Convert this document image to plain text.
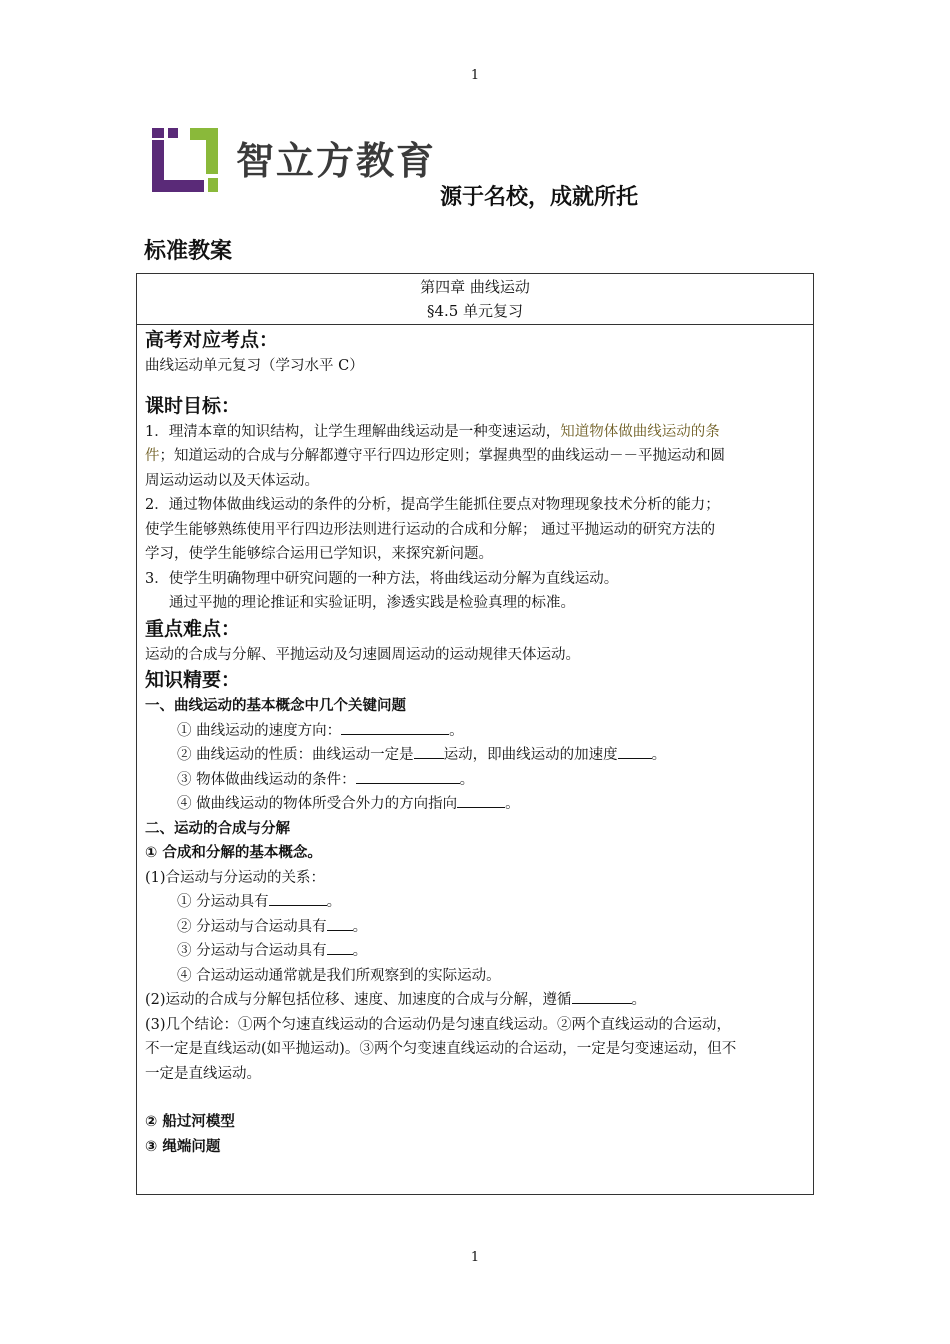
1
智立方教育
源于名校，成就所托
标准教案
第四章 曲线运动
§4.5 单元复习
高考对应考点：

曲线运动单元复习（学习水平 C）

课时目标：

1．理清本章的知识结构，让学生理解曲线运动是一种变速运动，知道物体做曲线运动的条

件；知道运动的合成与分解都遵守平行四边形定则；掌握典型的曲线运动－－平抛运动和圆

周运动运动以及天体运动。

2．通过物体做曲线运动的条件的分析，提高学生能抓住要点对物理现象技术分析的能力；

使学生能够熟练使用平行四边形法则进行运动的合成和分解； 通过平抛运动的研究方法的

学习，使学生能够综合运用已学知识，来探究新问题。

3．使学生明确物理中研究问题的一种方法，将曲线运动分解为直线运动。

通过平抛的理论推证和实验证明，渗透实践是检验真理的标准。

重点难点：

运动的合成与分解、平抛运动及匀速圆周运动的运动规律天体运动。

知识精要：

一、曲线运动的基本概念中几个关键问题

① 曲线运动的速度方向：	。

② 曲线运动的性质：曲线运动一定是 运动，即曲线运动的加速度 。

③ 物体做曲线运动的条件：	。

④ 做曲线运动的物体所受合外力的方向指向	。

二、运动的合成与分解

① 合成和分解的基本概念。

(1)合运动与分运动的关系：

① 分运动具有	。

② 分运动与合运动具有 。

③ 分运动与合运动具有 。

④ 合运动运动通常就是我们所观察到的实际运动。

(2)运动的合成与分解包括位移、速度、加速度的合成与分解，遵循	。

(3)几个结论：①两个匀速直线运动的合运动仍是匀速直线运动。②两个直线运动的合运动，

不一定是直线运动(如平抛运动)。③两个匀变速直线运动的合运动，一定是匀变速运动，但不

一定是直线运动。

② 船过河模型

③ 绳端问题

1
